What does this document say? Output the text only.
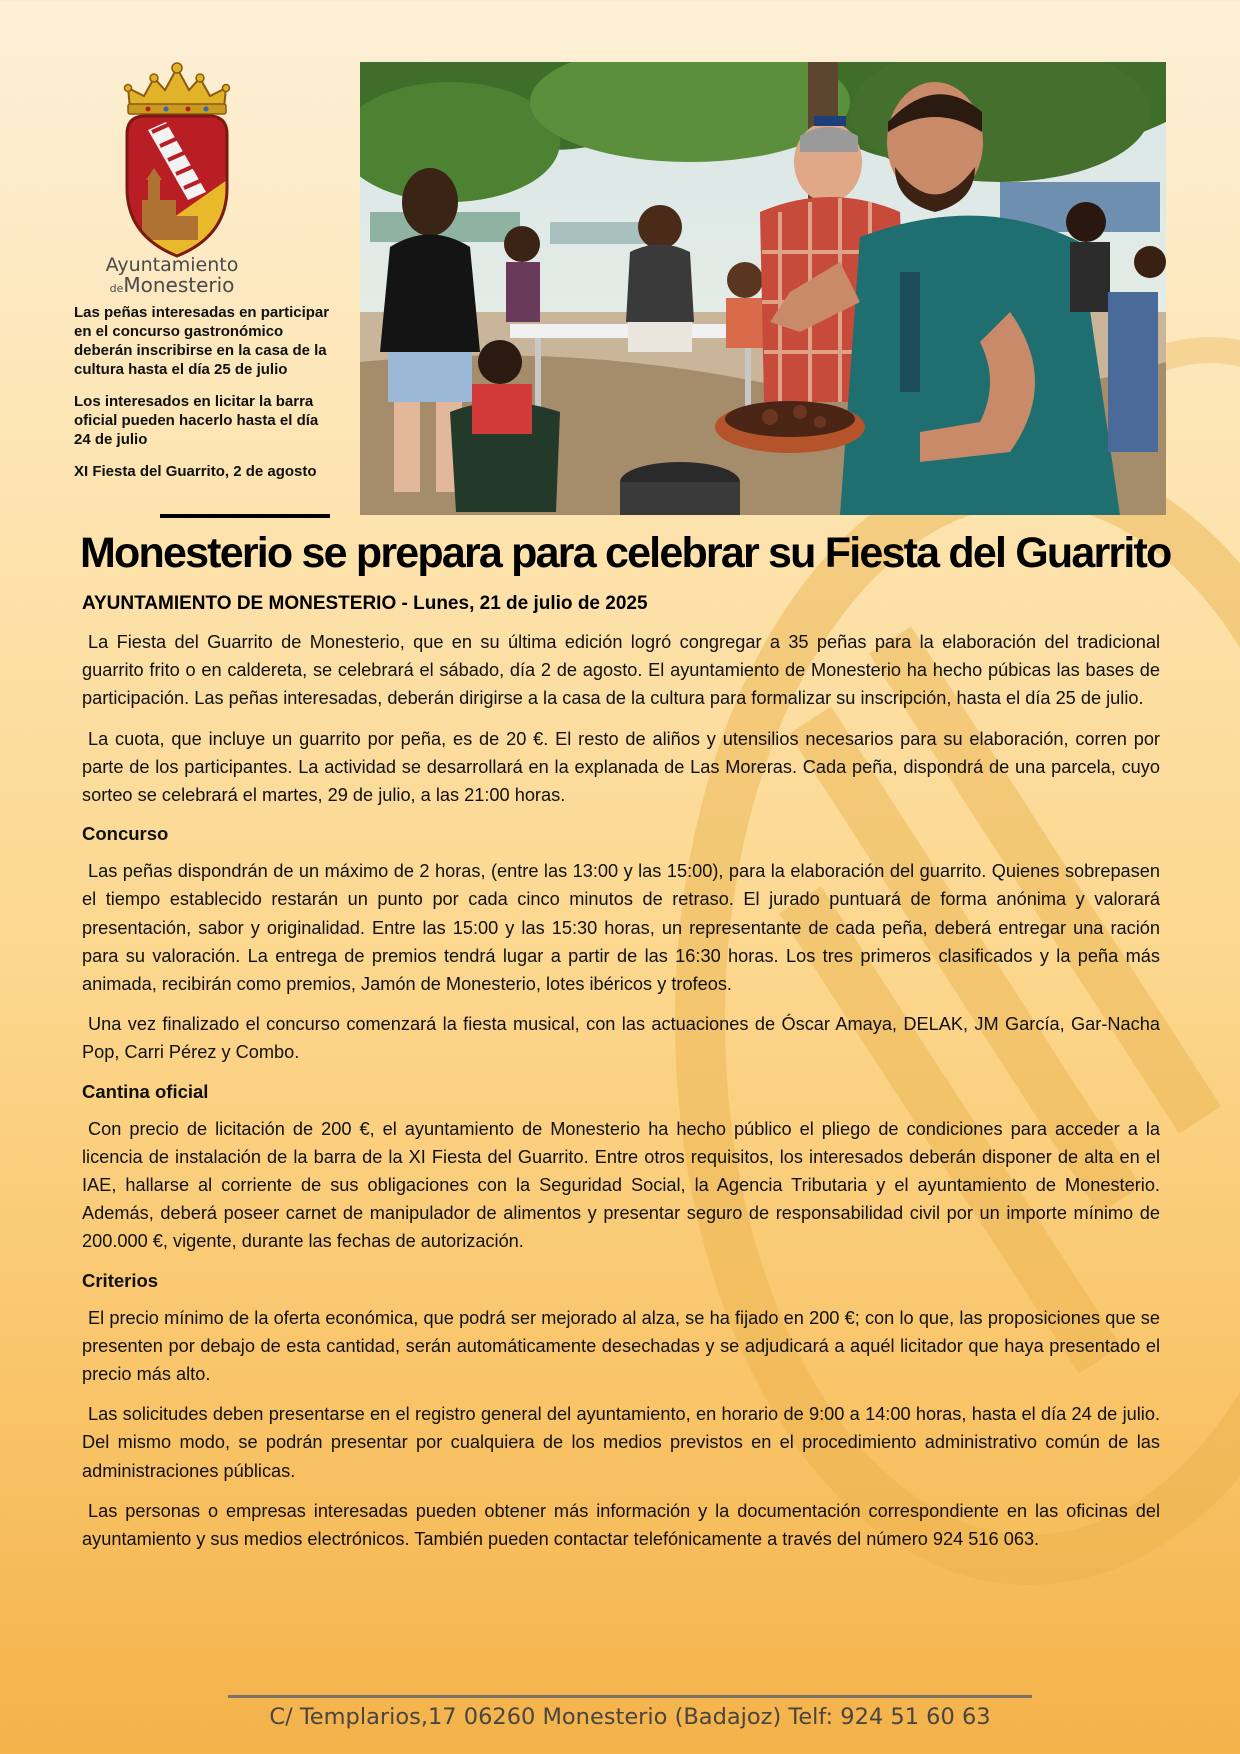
Ayuntamiento
deMonesterio

Las peñas interesadas en participar en el concurso gastronómico deberán inscribirse en la casa de la cultura hasta el día 25 de julio

Los interesados en licitar la barra oficial pueden hacerlo hasta el día 24 de julio

XI Fiesta del Guarrito, 2 de agosto

Monesterio se prepara para celebrar su Fiesta del Guarrito

AYUNTAMIENTO DE MONESTERIO - Lunes, 21 de julio de 2025

La Fiesta del Guarrito de Monesterio, que en su última edición logró congregar a 35 peñas para la elaboración del tradicional guarrito frito o en caldereta, se celebrará el sábado, día 2 de agosto. El ayuntamiento de Monesterio ha hecho púbicas las bases de participación. Las peñas interesadas, deberán dirigirse a la casa de la cultura para formalizar su inscripción, hasta el día 25 de julio.

La cuota, que incluye un guarrito por peña, es de 20 €. El resto de aliños y utensilios necesarios para su elaboración, corren por parte de los participantes. La actividad se desarrollará en la explanada de Las Moreras. Cada peña, dispondrá de una parcela, cuyo sorteo se celebrará el martes, 29 de julio, a las 21:00 horas.

Concurso

Las peñas dispondrán de un máximo de 2 horas, (entre las 13:00 y las 15:00), para la elaboración del guarrito. Quienes sobrepasen el tiempo establecido restarán un punto por cada cinco minutos de retraso. El jurado puntuará de forma anónima y valorará presentación, sabor y originalidad. Entre las 15:00 y las 15:30 horas, un representante de cada peña, deberá entregar una ración para su valoración. La entrega de premios tendrá lugar a partir de las 16:30 horas. Los tres primeros clasificados y la peña más animada, recibirán como premios, Jamón de Monesterio, lotes ibéricos y trofeos.

Una vez finalizado el concurso comenzará la fiesta musical, con las actuaciones de Óscar Amaya, DELAK, JM García, Gar-Nacha Pop, Carri Pérez y Combo.

Cantina oficial

Con precio de licitación de 200 €, el ayuntamiento de Monesterio ha hecho público el pliego de condiciones para acceder a la licencia de instalación de la barra de la XI Fiesta del Guarrito. Entre otros requisitos, los interesados deberán disponer de alta en el IAE, hallarse al corriente de sus obligaciones con la Seguridad Social, la Agencia Tributaria y el ayuntamiento de Monesterio. Además, deberá poseer carnet de manipulador de alimentos y presentar seguro de responsabilidad civil por un importe mínimo de 200.000 €, vigente, durante las fechas de autorización.

Criterios

El precio mínimo de la oferta económica, que podrá ser mejorado al alza, se ha fijado en 200 €; con lo que, las proposiciones que se presenten por debajo de esta cantidad, serán automáticamente desechadas y se adjudicará a aquél licitador que haya presentado el precio más alto.

Las solicitudes deben presentarse en el registro general del ayuntamiento, en horario de 9:00 a 14:00 horas, hasta el día 24 de julio. Del mismo modo, se podrán presentar por cualquiera de los medios previstos en el procedimiento administrativo común de las administraciones públicas.

Las personas o empresas interesadas pueden obtener más información y la documentación correspondiente en las oficinas del ayuntamiento y sus medios electrónicos. También pueden contactar telefónicamente a través del número 924 516 063.

C/ Templarios,17 06260 Monesterio (Badajoz) Telf: 924 51 60 63
